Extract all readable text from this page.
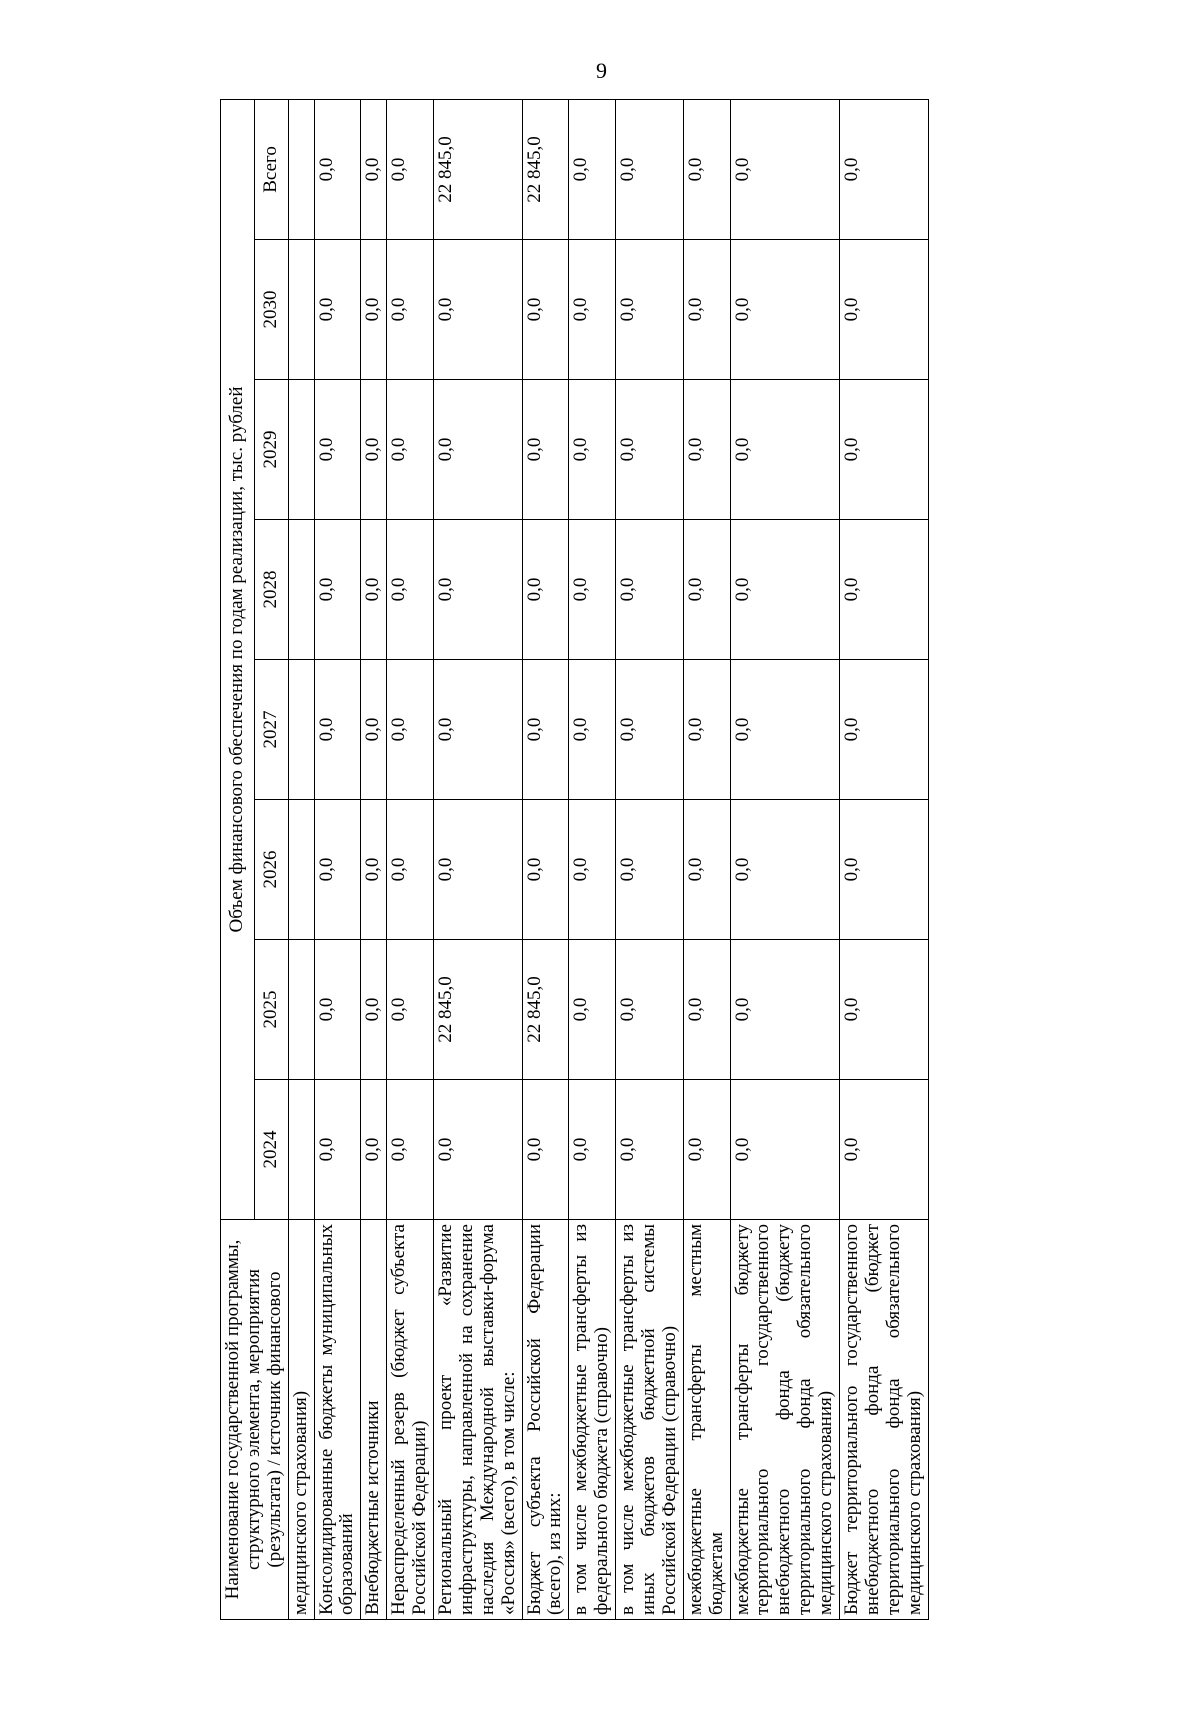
9
Наименование государственной программы, структурного элемента, мероприятия (результата) / источник финансового	Объем финансового обеспечения по годам реализации, тыс. рублей							
	2024	2025	2026	2027	2028	2029	2030	Всего
медицинского страхования)								
Консолидированные бюджеты муниципальных образований	0,0	0,0	0,0	0,0	0,0	0,0	0,0	0,0
Внебюджетные источники	0,0	0,0	0,0	0,0	0,0	0,0	0,0	0,0
Нераспределенный резерв (бюджет субъекта Российской Федерации)	0,0	0,0	0,0	0,0	0,0	0,0	0,0	0,0
Региональный проект «Развитие инфраструктуры, направленной на сохранение наследия Международной выставки-форума «Россия» (всего), в том числе:	0,0	22 845,0	0,0	0,0	0,0	0,0	0,0	22 845,0
Бюджет субъекта Российской Федерации (всего), из них:	0,0	22 845,0	0,0	0,0	0,0	0,0	0,0	22 845,0
в том числе межбюджетные трансферты из федерального бюджета (справочно)	0,0	0,0	0,0	0,0	0,0	0,0	0,0	0,0
в том числе межбюджетные трансферты из иных бюджетов бюджетной системы Российской Федерации (справочно)	0,0	0,0	0,0	0,0	0,0	0,0	0,0	0,0
межбюджетные трансферты местным бюджетам	0,0	0,0	0,0	0,0	0,0	0,0	0,0	0,0
межбюджетные трансферты бюджету территориального государственного внебюджетного фонда (бюджету территориального фонда обязательного медицинского страхования)	0,0	0,0	0,0	0,0	0,0	0,0	0,0	0,0
Бюджет территориального государственного внебюджетного фонда (бюджет территориального фонда обязательного медицинского страхования)	0,0	0,0	0,0	0,0	0,0	0,0	0,0	0,0
